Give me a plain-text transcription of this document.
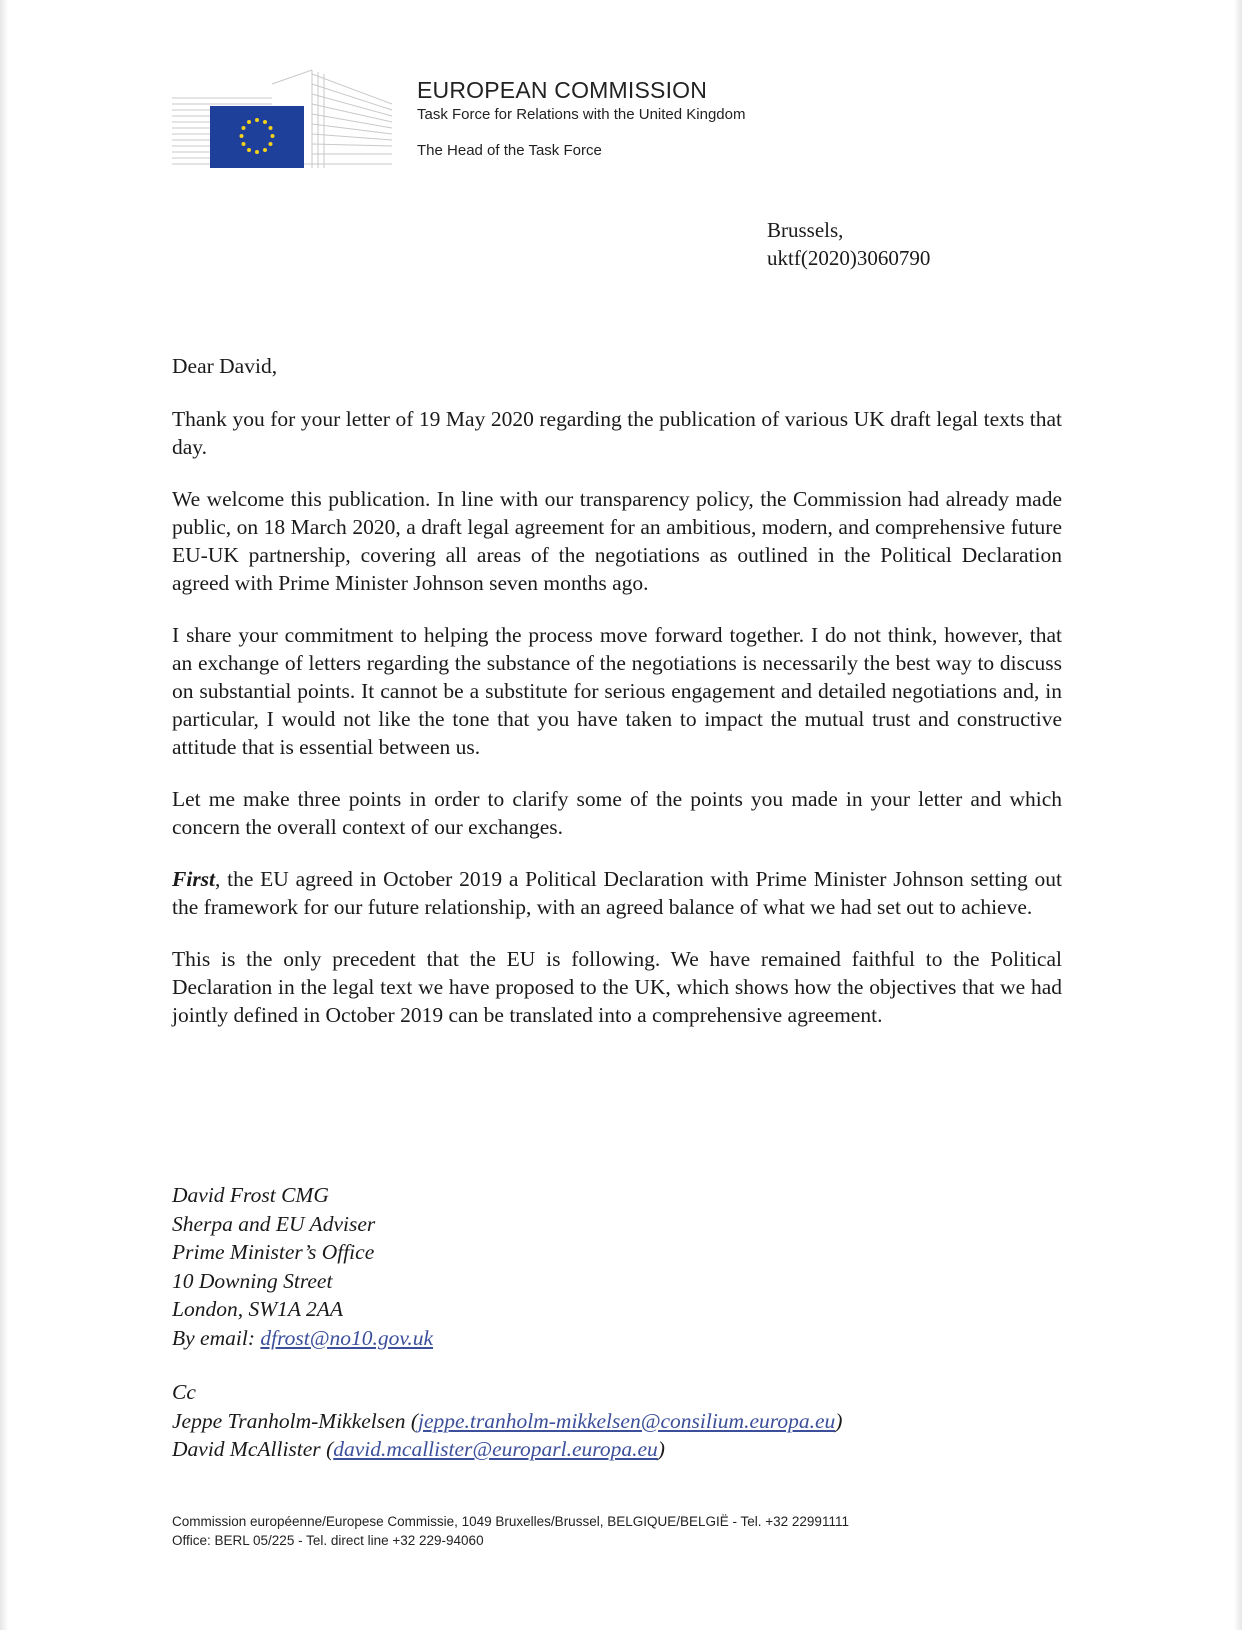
EUROPEAN COMMISSION
Task Force for Relations with the United Kingdom
The Head of the Task Force
Brussels,
uktf(2020)3060790

Dear David,

Thank you for your letter of 19 May 2020 regarding the publication of various UK draft legal texts that day.

We welcome this publication. In line with our transparency policy, the Commission had already made public, on 18 March 2020, a draft legal agreement for an ambitious, modern, and comprehensive future EU-UK partnership, covering all areas of the negotiations as outlined in the Political Declaration agreed with Prime Minister Johnson seven months ago.

I share your commitment to helping the process move forward together. I do not think, however, that an exchange of letters regarding the substance of the negotiations is necessarily the best way to discuss on substantial points. It cannot be a substitute for serious engagement and detailed negotiations and, in particular, I would not like the tone that you have taken to impact the mutual trust and constructive attitude that is essential between us.

Let me make three points in order to clarify some of the points you made in your letter and which concern the overall context of our exchanges.

First, the EU agreed in October 2019 a Political Declaration with Prime Minister Johnson setting out the framework for our future relationship, with an agreed balance of what we had set out to achieve.

This is the only precedent that the EU is following. We have remained faithful to the Political Declaration in the legal text we have proposed to the UK, which shows how the objectives that we had jointly defined in October 2019 can be translated into a comprehensive agreement.

David Frost CMG
Sherpa and EU Adviser
Prime Minister’s Office
10 Downing Street
London, SW1A 2AA
By email: dfrost@no10.gov.uk
Cc
Jeppe Tranholm-Mikkelsen (jeppe.tranholm-mikkelsen@consilium.europa.eu)
David McAllister (david.mcallister@europarl.europa.eu)
Commission européenne/Europese Commissie, 1049 Bruxelles/Brussel, BELGIQUE/BELGIË - Tel. +32 22991111
Office: BERL 05/225 - Tel. direct line +32 229-94060
